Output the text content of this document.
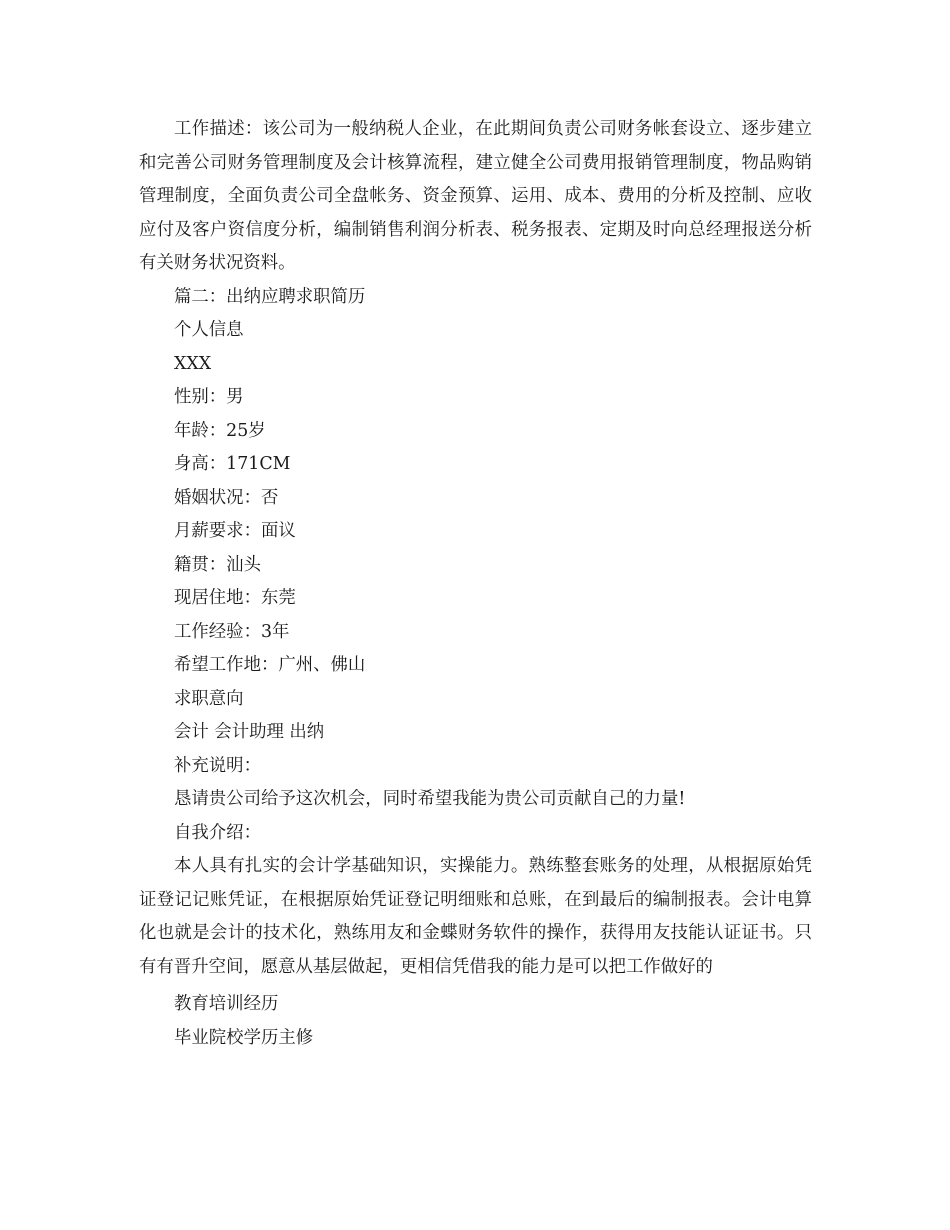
工作描述：该公司为一般纳税人企业，在此期间负责公司财务帐套设立、逐步建立和完善公司财务管理制度及会计核算流程，建立健全公司费用报销管理制度，物品购销管理制度，全面负责公司全盘帐务、资金预算、运用、成本、费用的分析及控制、应收应付及客户资信度分析，编制销售利润分析表、税务报表、定期及时向总经理报送分析有关财务状况资料。

篇二：出纳应聘求职简历

个人信息

XXX

性别：男

年龄：25岁

身高：171CM

婚姻状况：否

月薪要求：面议

籍贯：汕头

现居住地：东莞

工作经验：3年

希望工作地：广州、佛山

求职意向

会计 会计助理 出纳

补充说明：

恳请贵公司给予这次机会，同时希望我能为贵公司贡献自己的力量!

自我介绍：

本人具有扎实的会计学基础知识，实操能力。熟练整套账务的处理，从根据原始凭证登记记账凭证，在根据原始凭证登记明细账和总账，在到最后的编制报表。会计电算化也就是会计的技术化，熟练用友和金蝶财务软件的操作，获得用友技能认证证书。只有有晋升空间，愿意从基层做起，更相信凭借我的能力是可以把工作做好的

教育培训经历

毕业院校学历主修
